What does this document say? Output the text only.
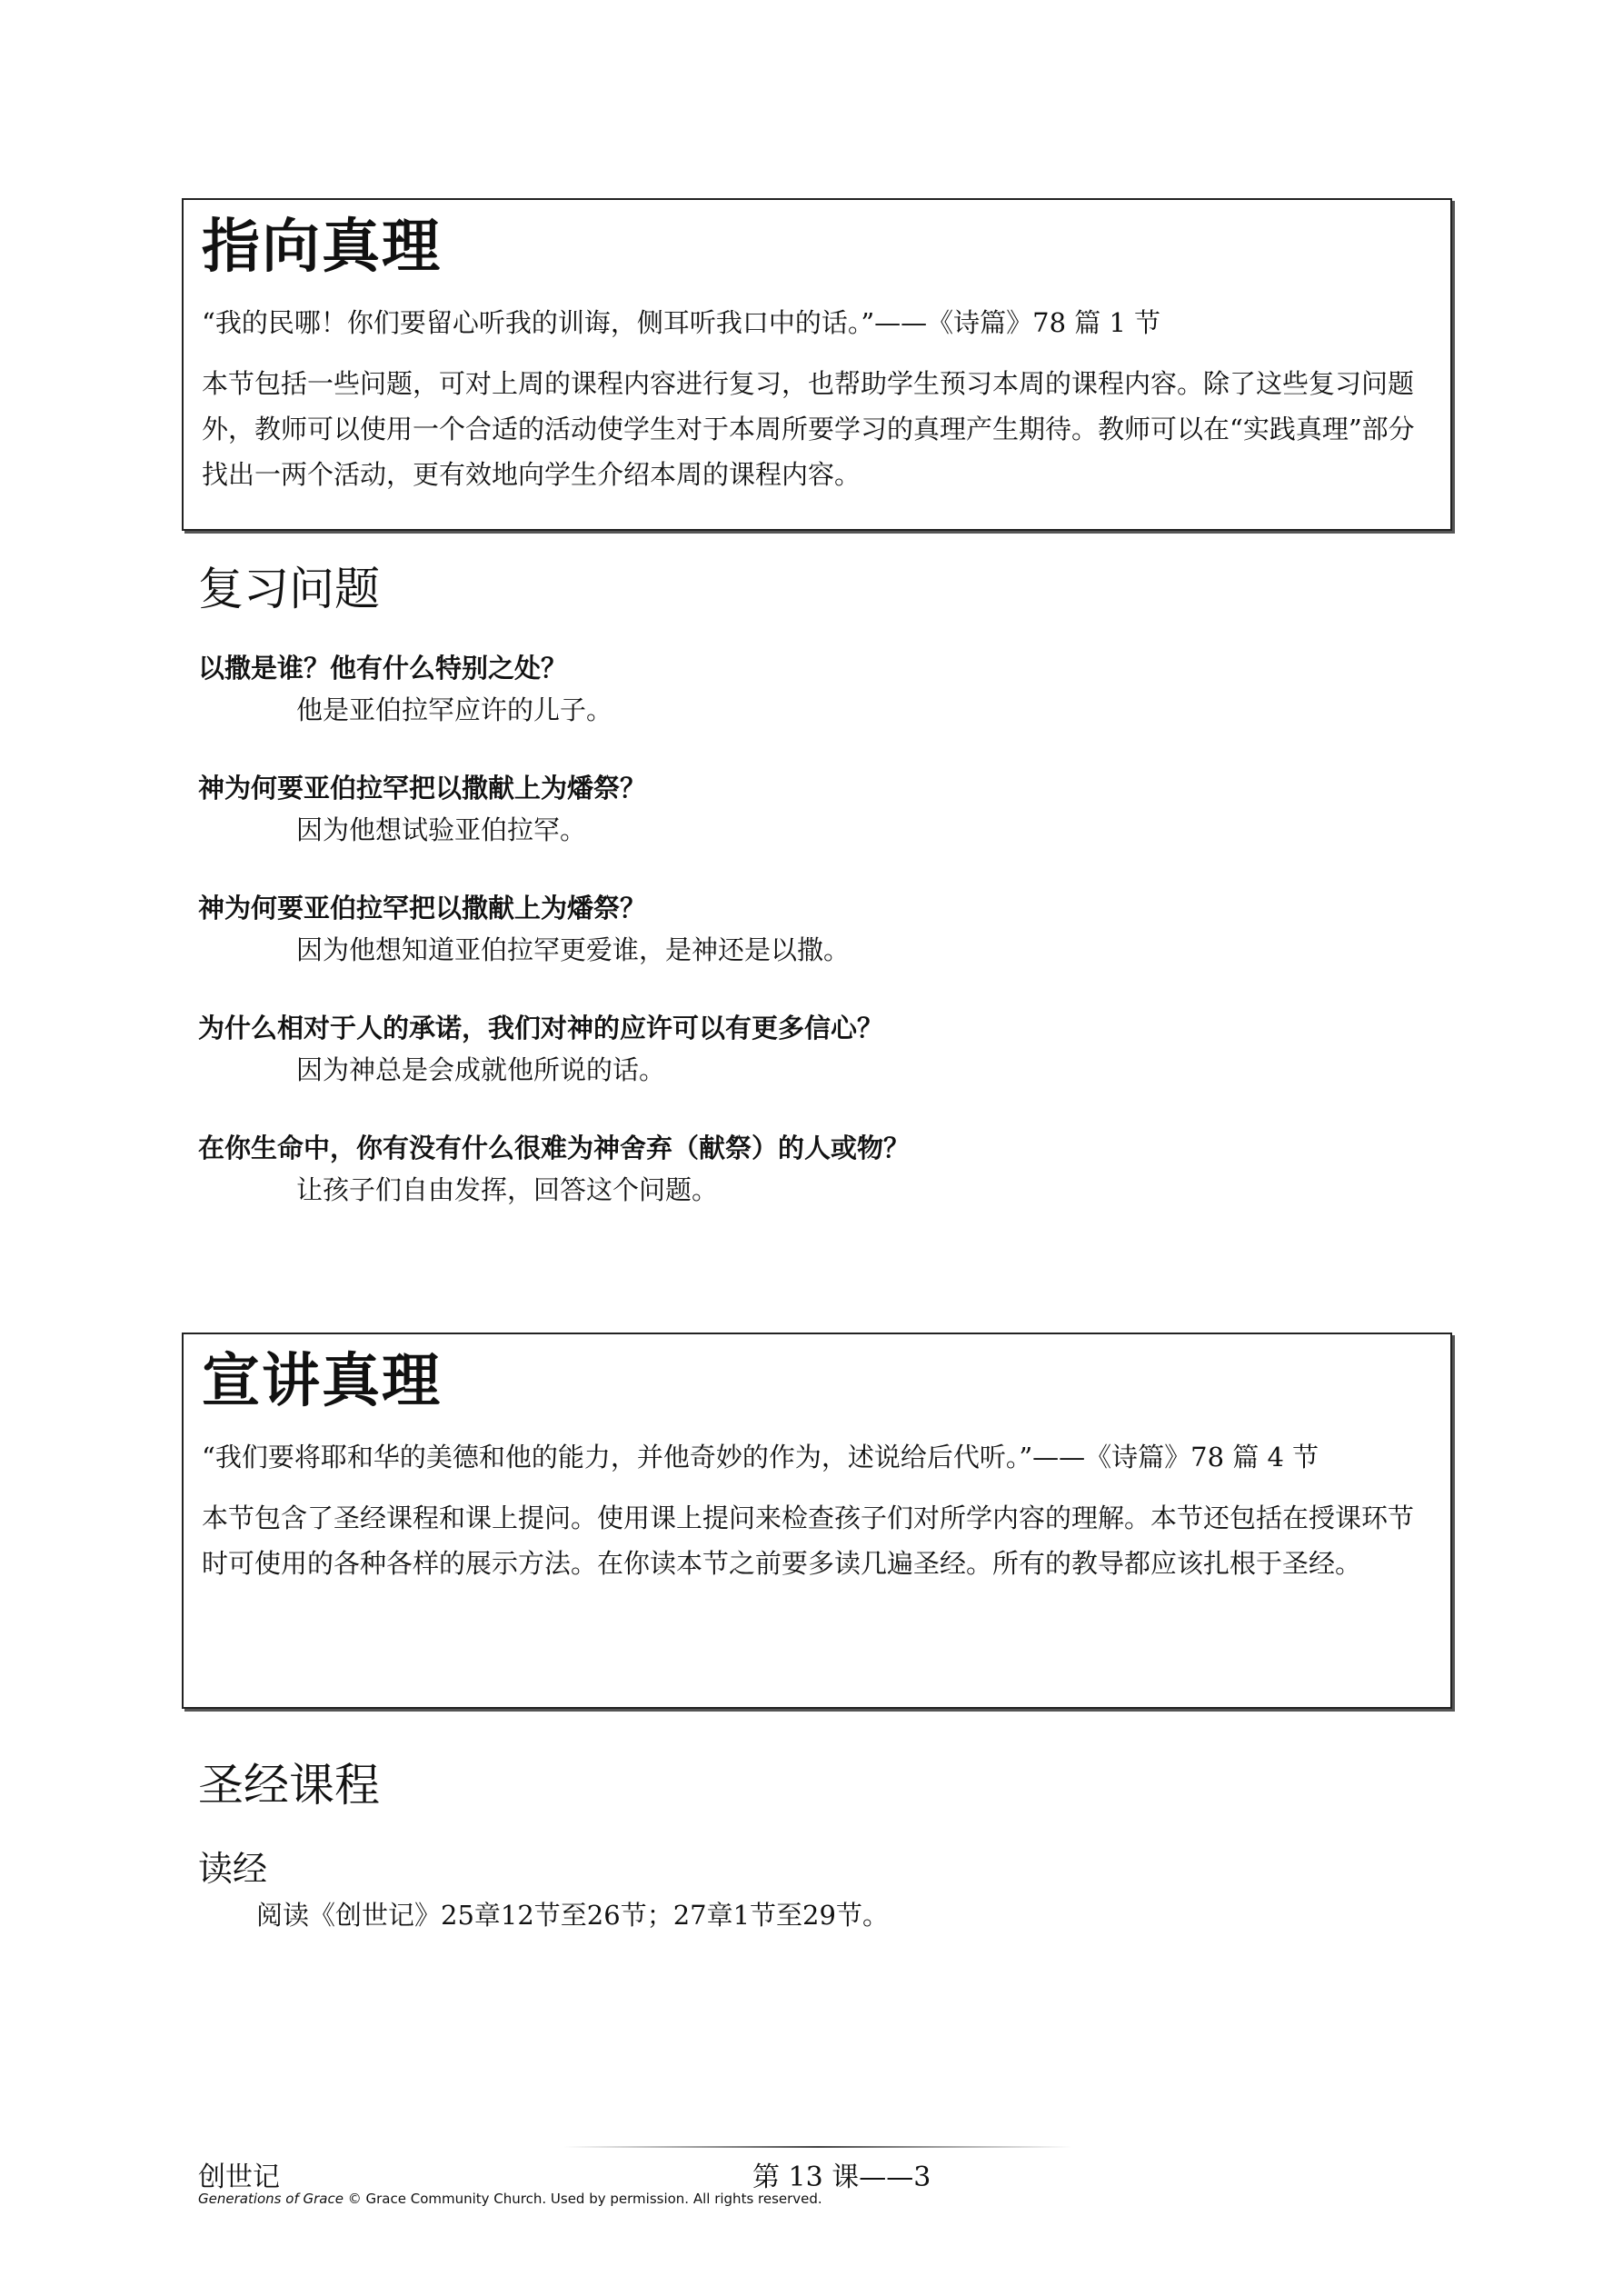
指向真理
“我的民哪！你们要留心听我的训诲，侧耳听我口中的话。”——《诗篇》78 篇 1 节
本节包括一些问题，可对上周的课程内容进行复习，也帮助学生预习本周的课程内容。除了这些复习问题外，教师可以使用一个合适的活动使学生对于本周所要学习的真理产生期待。教师可以在“实践真理”部分找出一两个活动，更有效地向学生介绍本周的课程内容。
复习问题
以撒是谁？他有什么特别之处？
他是亚伯拉罕应许的儿子。
神为何要亚伯拉罕把以撒献上为燔祭？
因为他想试验亚伯拉罕。
神为何要亚伯拉罕把以撒献上为燔祭？
因为他想知道亚伯拉罕更爱谁，是神还是以撒。
为什么相对于人的承诺，我们对神的应许可以有更多信心？
因为神总是会成就他所说的话。
在你生命中，你有没有什么很难为神舍弃（献祭）的人或物？
让孩子们自由发挥，回答这个问题。
宣讲真理
“我们要将耶和华的美德和他的能力，并他奇妙的作为，述说给后代听。”——《诗篇》78 篇 4 节
本节包含了圣经课程和课上提问。使用课上提问来检查孩子们对所学内容的理解。本节还包括在授课环节时可使用的各种各样的展示方法。在你读本节之前要多读几遍圣经。所有的教导都应该扎根于圣经。
圣经课程
读经
阅读《创世记》25章12节至26节；27章1节至29节。
创世记	第 13 课——3
Generations of Grace © Grace Community Church. Used by permission. All rights reserved.
